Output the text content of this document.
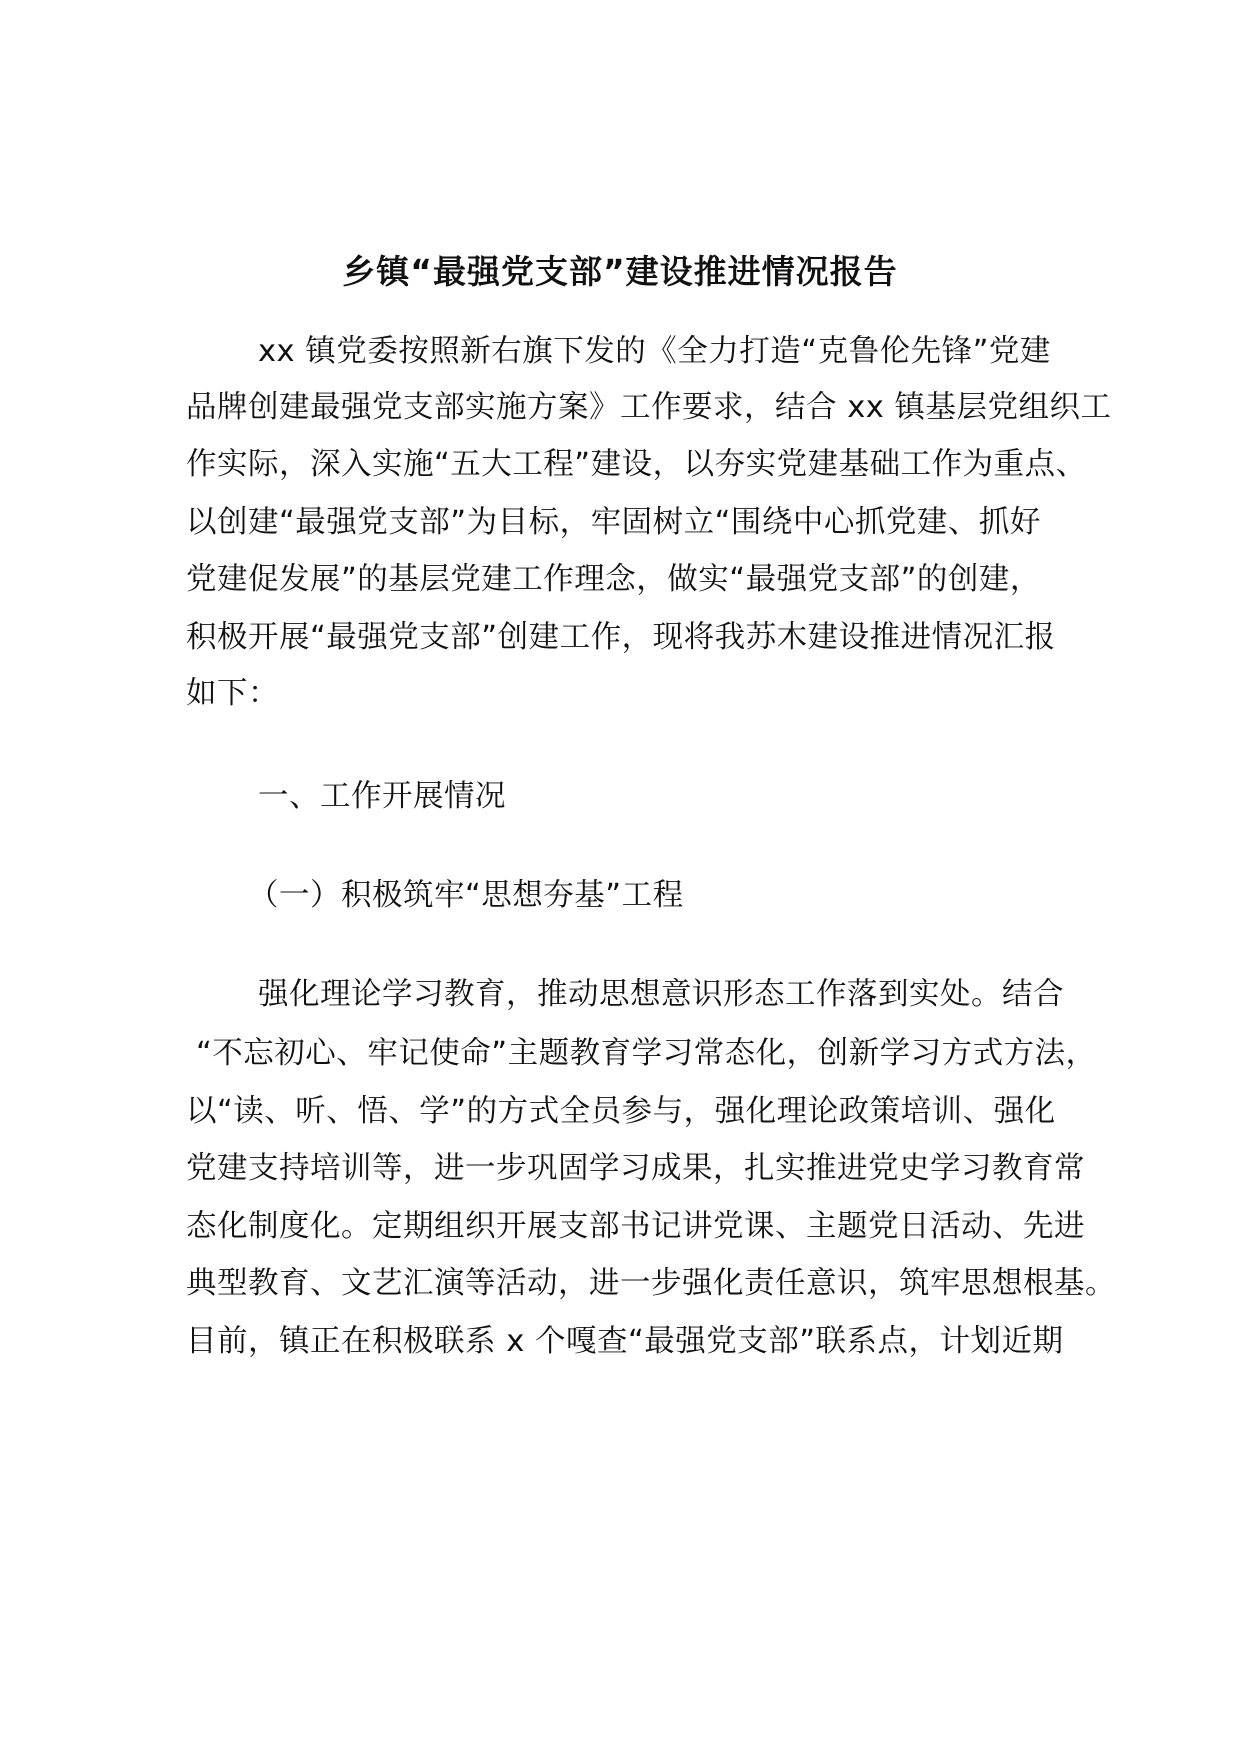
乡镇“最强党支部”建设推进情况报告
xx 镇党委按照新右旗下发的《全力打造“克鲁伦先锋”党建
品牌创建最强党支部实施方案》工作要求，结合 xx 镇基层党组织工
作实际，深入实施“五大工程”建设，以夯实党建基础工作为重点、
以创建“最强党支部”为目标，牢固树立“围绕中心抓党建、抓好
党建促发展”的基层党建工作理念，做实“最强党支部”的创建，
积极开展“最强党支部”创建工作，现将我苏木建设推进情况汇报
如下：
一、工作开展情况
（一）积极筑牢“思想夯基”工程
强化理论学习教育，推动思想意识形态工作落到实处。结合
“不忘初心、牢记使命”主题教育学习常态化，创新学习方式方法，
以“读、听、悟、学”的方式全员参与，强化理论政策培训、强化
党建支持培训等，进一步巩固学习成果，扎实推进党史学习教育常
态化制度化。定期组织开展支部书记讲党课、主题党日活动、先进
典型教育、文艺汇演等活动，进一步强化责任意识，筑牢思想根基。
目前，镇正在积极联系 x 个嘎查“最强党支部”联系点，计划近期
